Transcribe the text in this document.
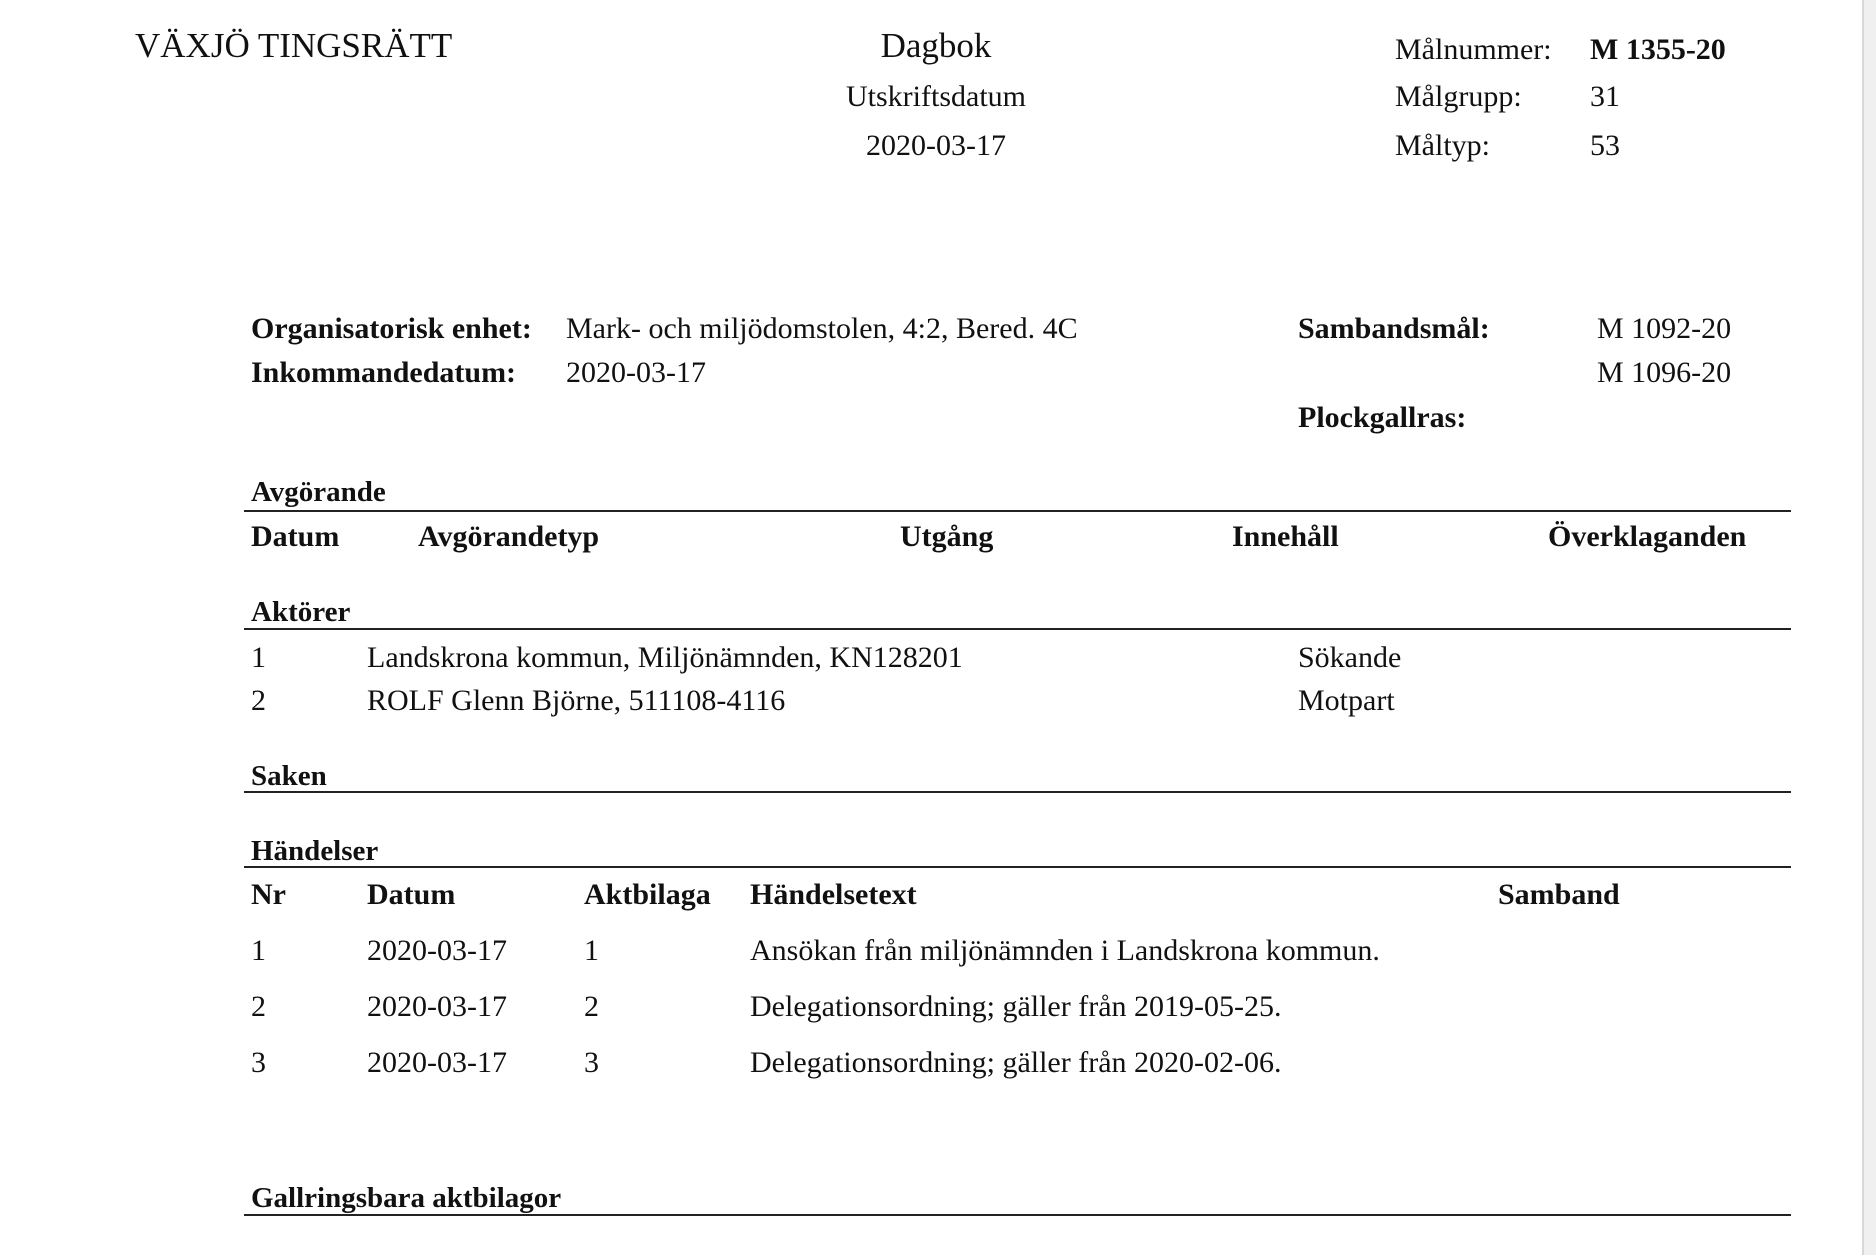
VÄXJÖ TINGSRÄTT	Dagbok
Utskriftsdatum
2020-03-17
Målnummer: M 1355-20
Målgrupp: 31
Måltyp:	53
Organisatorisk enhet: Mark- och miljödomstolen, 4:2, Bered. 4C
Inkommandedatum: 2020-03-17
Sambandsmål:	M 1092-20
M 1096-20
Plockgallras:
Avgörande
Datum	Avgörandetyp	Utgång	Innehåll	Överklaganden
Aktörer
1	Landskrona kommun, Miljönämnden, KN128201	Sökande
2	ROLF Glenn Björne, 511108-4116	Motpart
Saken
Händelser
Nr	Datum	Aktbilaga Händelsetext	Samband
1	2020-03-17	1	Ansökan från miljönämnden i Landskrona kommun.
2	2020-03-17	2	Delegationsordning; gäller från 2019-05-25.
3	2020-03-17	3	Delegationsordning; gäller från 2020-02-06.
Gallringsbara aktbilagor
